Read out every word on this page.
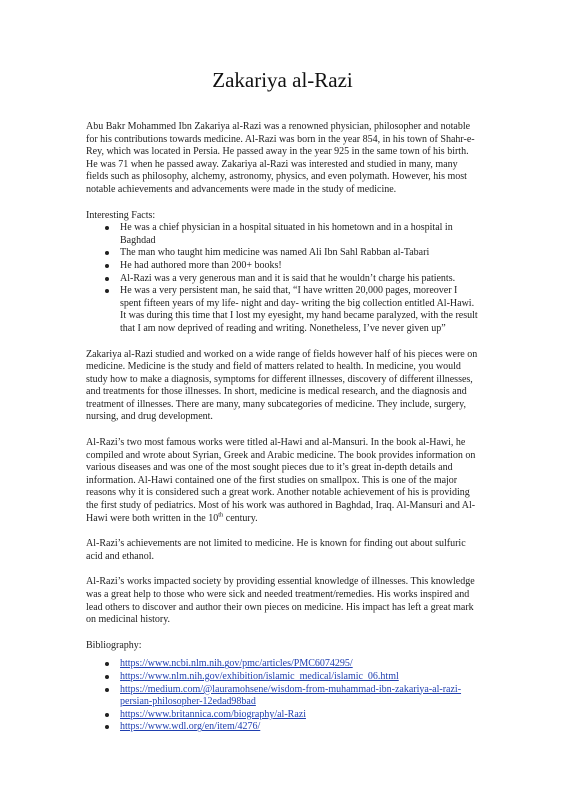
Zakariya al-Razi

Abu Bakr Mohammed Ibn Zakariya al-Razi was a renowned physician, philosopher and notable for his contributions towards medicine. Al-Razi was born in the year 854, in his town of Shahr-e-Rey, which was located in Persia. He passed away in the year 925 in the same town of his birth. He was 71 when he passed away. Zakariya al-Razi was interested and studied in many, many fields such as philosophy, alchemy, astronomy, physics, and even polymath. However, his most notable achievements and advancements were made in the study of medicine.

Interesting Facts:

He was a chief physician in a hospital situated in his hometown and in a hospital in Baghdad
The man who taught him medicine was named Ali Ibn Sahl Rabban al-Tabari
He had authored more than 200+ books!
Al-Razi was a very generous man and it is said that he wouldn’t charge his patients.
He was a very persistent man, he said that, “I have written 20,000 pages, moreover I spent fifteen years of my life- night and day- writing the big collection entitled Al-Hawi. It was during this time that I lost my eyesight, my hand became paralyzed, with the result that I am now deprived of reading and writing. Nonetheless, I’ve never given up”

Zakariya al-Razi studied and worked on a wide range of fields however half of his pieces were on medicine. Medicine is the study and field of matters related to health. In medicine, you would study how to make a diagnosis, symptoms for different illnesses, discovery of different illnesses, and treatments for those illnesses. In short, medicine is medical research, and the diagnosis and treatment of illnesses. There are many, many subcategories of medicine. They include, surgery, nursing, and drug development.

Al-Razi’s two most famous works were titled al-Hawi and al-Mansuri. In the book al-Hawi, he compiled and wrote about Syrian, Greek and Arabic medicine. The book provides information on various diseases and was one of the most sought pieces due to it’s great in-depth details and information. Al-Hawi contained one of the first studies on smallpox. This is one of the major reasons why it is considered such a great work. Another notable achievement of his is providing the first study of pediatrics. Most of his work was authored in Baghdad, Iraq. Al-Mansuri and Al-Hawi were both written in the 10th century.

Al-Razi’s achievements are not limited to medicine. He is known for finding out about sulfuric acid and ethanol.

Al-Razi’s works impacted society by providing essential knowledge of illnesses. This knowledge was a great help to those who were sick and needed treatment/remedies. His works inspired and lead others to discover and author their own pieces on medicine. His impact has left a great mark on medicinal history.

Bibliography:

https://www.ncbi.nlm.nih.gov/pmc/articles/PMC6074295/
https://www.nlm.nih.gov/exhibition/islamic_medical/islamic_06.html
https://medium.com/@lauramohsene/wisdom-from-muhammad-ibn-zakariya-al-razi-persian-philosopher-12edad98bad
https://www.britannica.com/biography/al-Razi
https://www.wdl.org/en/item/4276/
